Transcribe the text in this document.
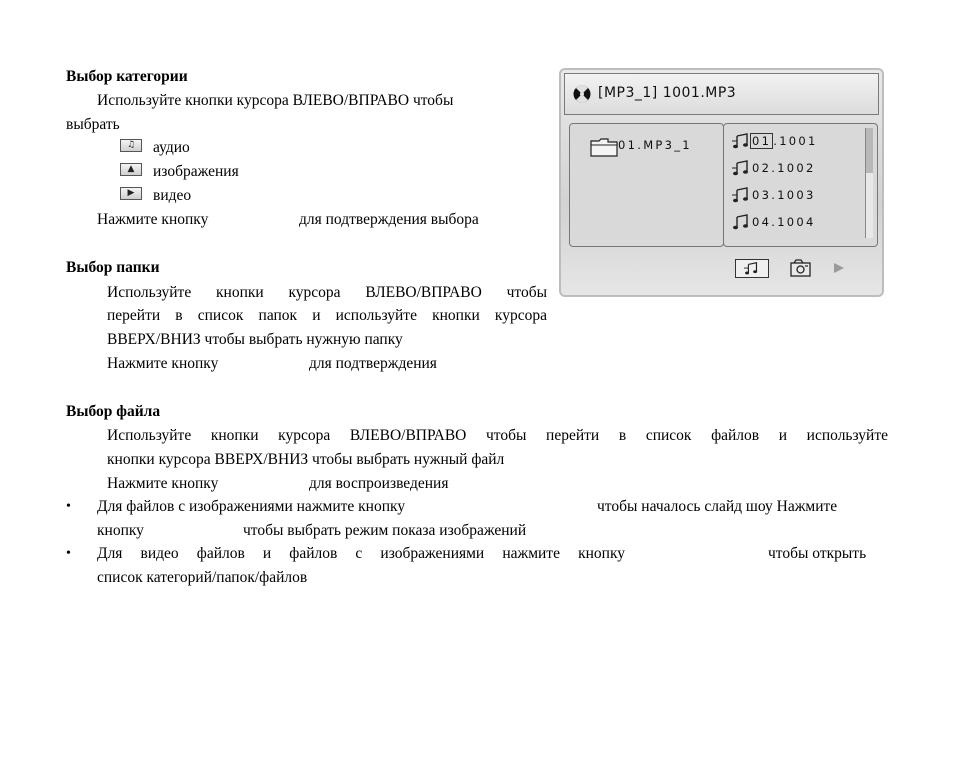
Выбор категории
Используйте кнопки курсора ВЛЕВО/ВПРАВО чтобы
выбрать
♫	аудио
▲	изображения
▶	видео
Нажмите кнопку	для подтверждения выбора
Выбор папки
Используйте кнопки курсора ВЛЕВО/ВПРАВО чтобы
перейти в список папок и используйте кнопки курсора
ВВЕРХ/ВНИЗ чтобы выбрать нужную папку
Нажмите кнопку	для подтверждения
Выбор файла
Используйте кнопки курсора ВЛЕВО/ВПРАВО чтобы перейти в список файлов и используйте
кнопки курсора ВВЕРХ/ВНИЗ чтобы выбрать нужный файл
Нажмите кнопку	для воспроизведения
• Для файлов с изображениями нажмите кнопку	чтобы началось слайд шоу Нажмите
кнопку	чтобы выбрать режим показа изображений
• Для видео файлов и файлов с изображениями нажмите кнопку	чтобы открыть
список категорий/папок/файлов
[MP3_1] 1001.MP3
01.MP3_1	01 .1001
02.1002
03.1003
04.1004
